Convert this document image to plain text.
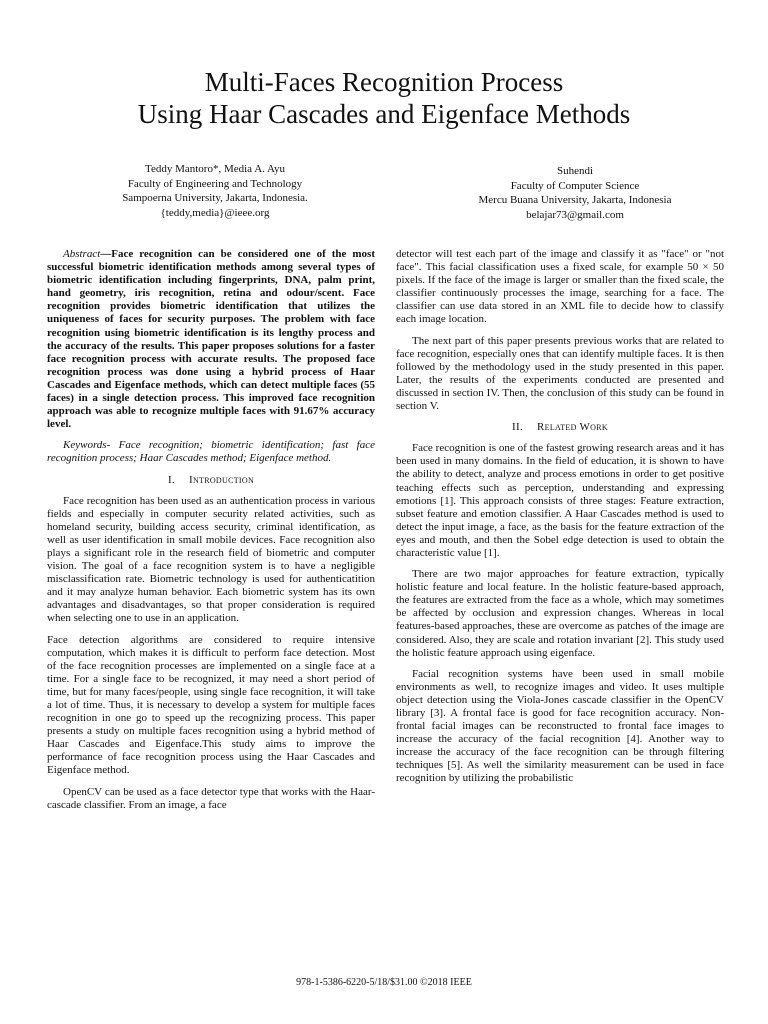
Multi-Faces Recognition Process
Using Haar Cascades and Eigenface Methods
Teddy Mantoro*, Media A. Ayu
Faculty of Engineering and Technology
Sampoerna University, Jakarta, Indonesia.
{teddy,media}@ieee.org
Suhendi
Faculty of Computer Science
Mercu Buana University, Jakarta, Indonesia
belajar73@gmail.com

Abstract—Face recognition can be considered one of the most successful biometric identification methods among several types of biometric identification including fingerprints, DNA, palm print, hand geometry, iris recognition, retina and odour/scent. Face recognition provides biometric identification that utilizes the uniqueness of faces for security purposes. The problem with face recognition using biometric identification is its lengthy process and the accuracy of the results. This paper proposes solutions for a faster face recognition process with accurate results. The proposed face recognition process was done using a hybrid process of Haar Cascades and Eigenface methods, which can detect multiple faces (55 faces) in a single detection process. This improved face recognition approach was able to recognize multiple faces with 91.67% accuracy level.

Keywords- Face recognition; biometric identification; fast face recognition process; Haar Cascades method; Eigenface method.

I. Introduction

Face recognition has been used as an authentication process in various fields and especially in computer security related activities, such as homeland security, building access security, criminal identification, as well as user identification in small mobile devices. Face recognition also plays a significant role in the research field of biometric and computer vision. The goal of a face recognition system is to have a negligible misclassification rate. Biometric technology is used for authenticatition and it may analyze human behavior. Each biometric system has its own advantages and disadvantages, so that proper consideration is required when selecting one to use in an application.

Face detection algorithms are considered to require intensive computation, which makes it is difficult to perform face detection. Most of the face recognition processes are implemented on a single face at a time. For a single face to be recognized, it may need a short period of time, but for many faces/people, using single face recognition, it will take a lot of time. Thus, it is necessary to develop a system for multiple faces recognition in one go to speed up the recognizing process. This paper presents a study on multiple faces recognition using a hybrid method of Haar Cascades and Eigenface.This study aims to improve the performance of face recognition process using the Haar Cascades and Eigenface method.

OpenCV can be used as a face detector type that works with the Haar-cascade classifier. From an image, a face

detector will test each part of the image and classify it as "face" or "not face". This facial classification uses a fixed scale, for example 50 × 50 pixels. If the face of the image is larger or smaller than the fixed scale, the classifier continuously processes the image, searching for a face. The classifier can use data stored in an XML file to decide how to classify each image location.

The next part of this paper presents previous works that are related to face recognition, especially ones that can identify multiple faces. It is then followed by the methodology used in the study presented in this paper. Later, the results of the experiments conducted are presented and discussed in section IV. Then, the conclusion of this study can be found in section V.

II. Related Work

Face recognition is one of the fastest growing research areas and it has been used in many domains. In the field of education, it is shown to have the ability to detect, analyze and process emotions in order to get positive teaching effects such as perception, understanding and expressing emotions [1]. This approach consists of three stages: Feature extraction, subset feature and emotion classifier. A Haar Cascades method is used to detect the input image, a face, as the basis for the feature extraction of the eyes and mouth, and then the Sobel edge detection is used to obtain the characteristic value [1].

There are two major approaches for feature extraction, typically holistic feature and local feature. In the holistic feature-based approach, the features are extracted from the face as a whole, which may sometimes be affected by occlusion and expression changes. Whereas in local features-based approaches, these are overcome as patches of the image are considered. Also, they are scale and rotation invariant [2]. This study used the holistic feature approach using eigenface.

Facial recognition systems have been used in small mobile environments as well, to recognize images and video. It uses multiple object detection using the Viola-Jones cascade classifier in the OpenCV library [3]. A frontal face is good for face recognition accuracy. Non-frontal facial images can be reconstructed to frontal face images to increase the accuracy of the facial recognition [4]. Another way to increase the accuracy of the face recognition can be through filtering techniques [5]. As well the similarity measurement can be used in face recognition by utilizing the probabilistic

978-1-5386-6220-5/18/$31.00 ©2018 IEEE
